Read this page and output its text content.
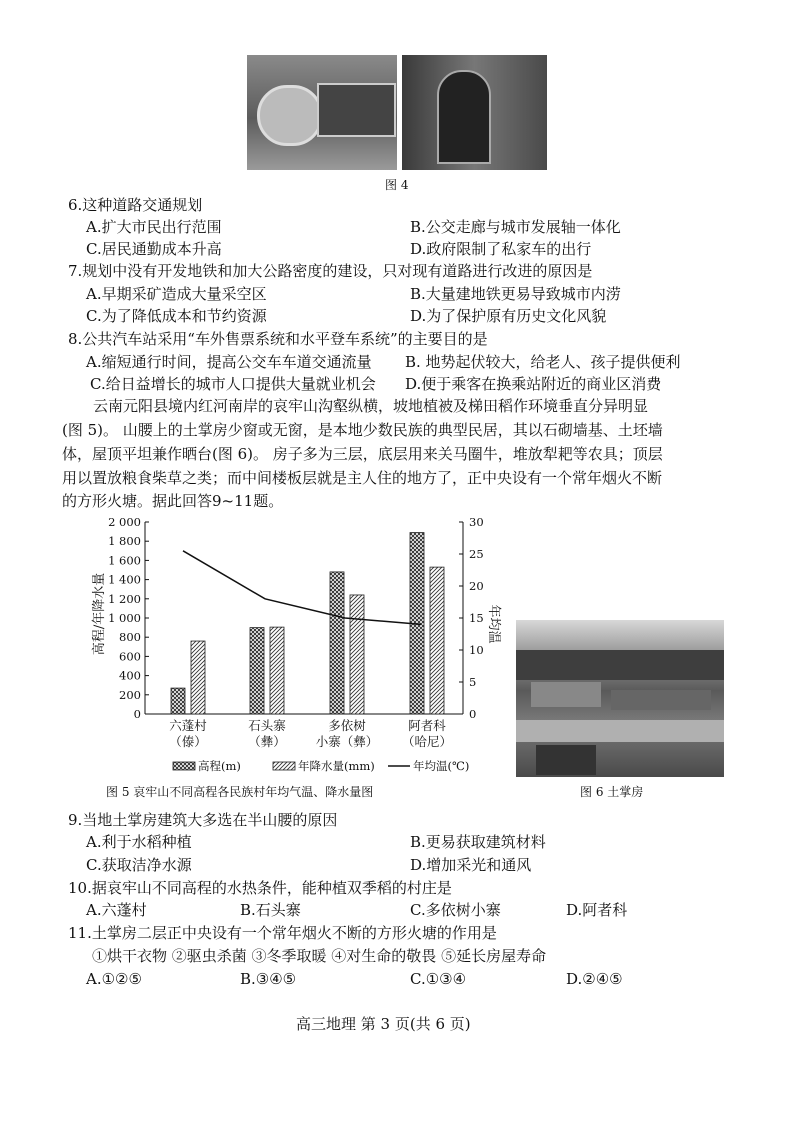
图 4
6.这种道路交通规划
A.扩大市民出行范围	B.公交走廊与城市发展轴一体化
C.居民通勤成本升高	D.政府限制了私家车的出行
7.规划中没有开发地铁和加大公路密度的建设，只对现有道路进行改进的原因是
A.早期采矿造成大量采空区	B.大量建地铁更易导致城市内涝
C.为了降低成本和节约资源	D.为了保护原有历史文化风貌
8.公共汽车站采用“车外售票系统和水平登车系统”的主要目的是
A.缩短通行时间，提高公交车车道交通流量 B. 地势起伏较大，给老人、孩子提供便利
C.给日益增长的城市人口提供大量就业机会 D.便于乘客在换乘站附近的商业区消费
云南元阳县境内红河南岸的哀牢山沟壑纵横，坡地植被及梯田稻作环境垂直分异明显
(图 5)。 山腰上的土掌房少窗或无窗，是本地少数民族的典型民居，其以石砌墙基、土坯墙
体，屋顶平坦兼作晒台(图 6)。 房子多为三层，底层用来关马圈牛，堆放犁耙等农具；顶层
用以置放粮食柴草之类；而中间楼板层就是主人住的地方了，正中央设有一个常年烟火不断
的方形火塘。据此回答9~11题。
0
200
400
600
800
1 000
1 200
1 400
1 600
1 800
2 000
0
5
10
15
20
25
30
高程/年降水量	年均温
六蓬村
（傣）
石头寨
（彝）
多依树
小寨（彝）
阿者科
（哈尼）
高程(m)	年降水量(mm)	年均温(℃)
图 5 哀牢山不同高程各民族村年均气温、降水量图	图 6 土掌房
9.当地土掌房建筑大多选在半山腰的原因
A.利于水稻种植	B.更易获取建筑材料
C.获取洁净水源	D.增加采光和通风
10.据哀牢山不同高程的水热条件，能种植双季稻的村庄是
A.六蓬村	B.石头寨	C.多依树小寨	D.阿者科
11.土掌房二层正中央设有一个常年烟火不断的方形火塘的作用是
①烘干衣物 ②驱虫杀菌 ③冬季取暖 ④对生命的敬畏 ⑤延长房屋寿命
A.①②⑤	B.③④⑤	C.①③④	D.②④⑤
高三地理 第 3 页(共 6 页)
